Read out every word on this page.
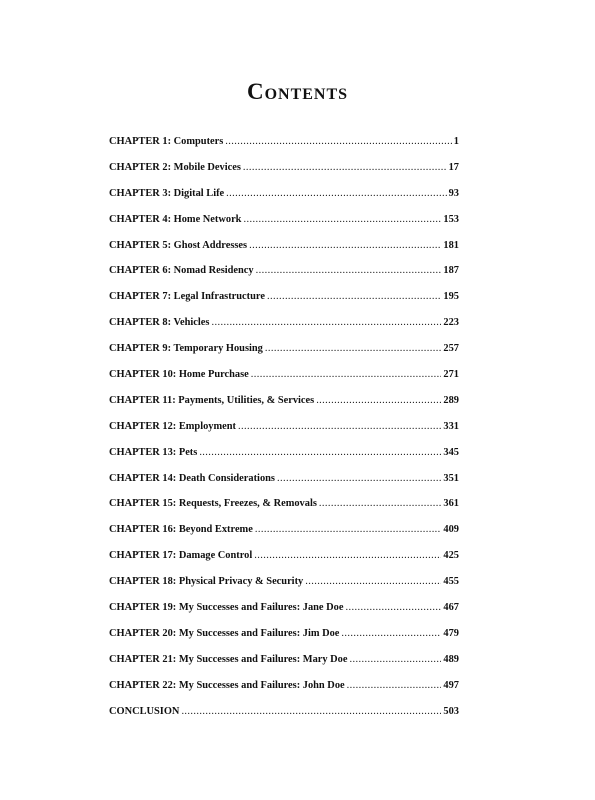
Contents
CHAPTER 1: Computers .....	1
CHAPTER 2: Mobile Devices .....	17
CHAPTER 3: Digital Life .....	93
CHAPTER 4: Home Network .....	153
CHAPTER 5: Ghost Addresses .....	181
CHAPTER 6: Nomad Residency .....	187
CHAPTER 7: Legal Infrastructure .....	195
CHAPTER 8: Vehicles .....	223
CHAPTER 9: Temporary Housing .....	257
CHAPTER 10: Home Purchase .....	271
CHAPTER 11: Payments, Utilities, & Services .....	289
CHAPTER 12: Employment .....	331
CHAPTER 13: Pets .....	345
CHAPTER 14: Death Considerations .....	351
CHAPTER 15: Requests, Freezes, & Removals .....	361
CHAPTER 16: Beyond Extreme .....	409
CHAPTER 17: Damage Control .....	425
CHAPTER 18: Physical Privacy & Security .....	455
CHAPTER 19: My Successes and Failures: Jane Doe .....	467
CHAPTER 20: My Successes and Failures: Jim Doe .....	479
CHAPTER 21: My Successes and Failures: Mary Doe .....	489
CHAPTER 22: My Successes and Failures: John Doe .....	497
CONCLUSION .....	503
